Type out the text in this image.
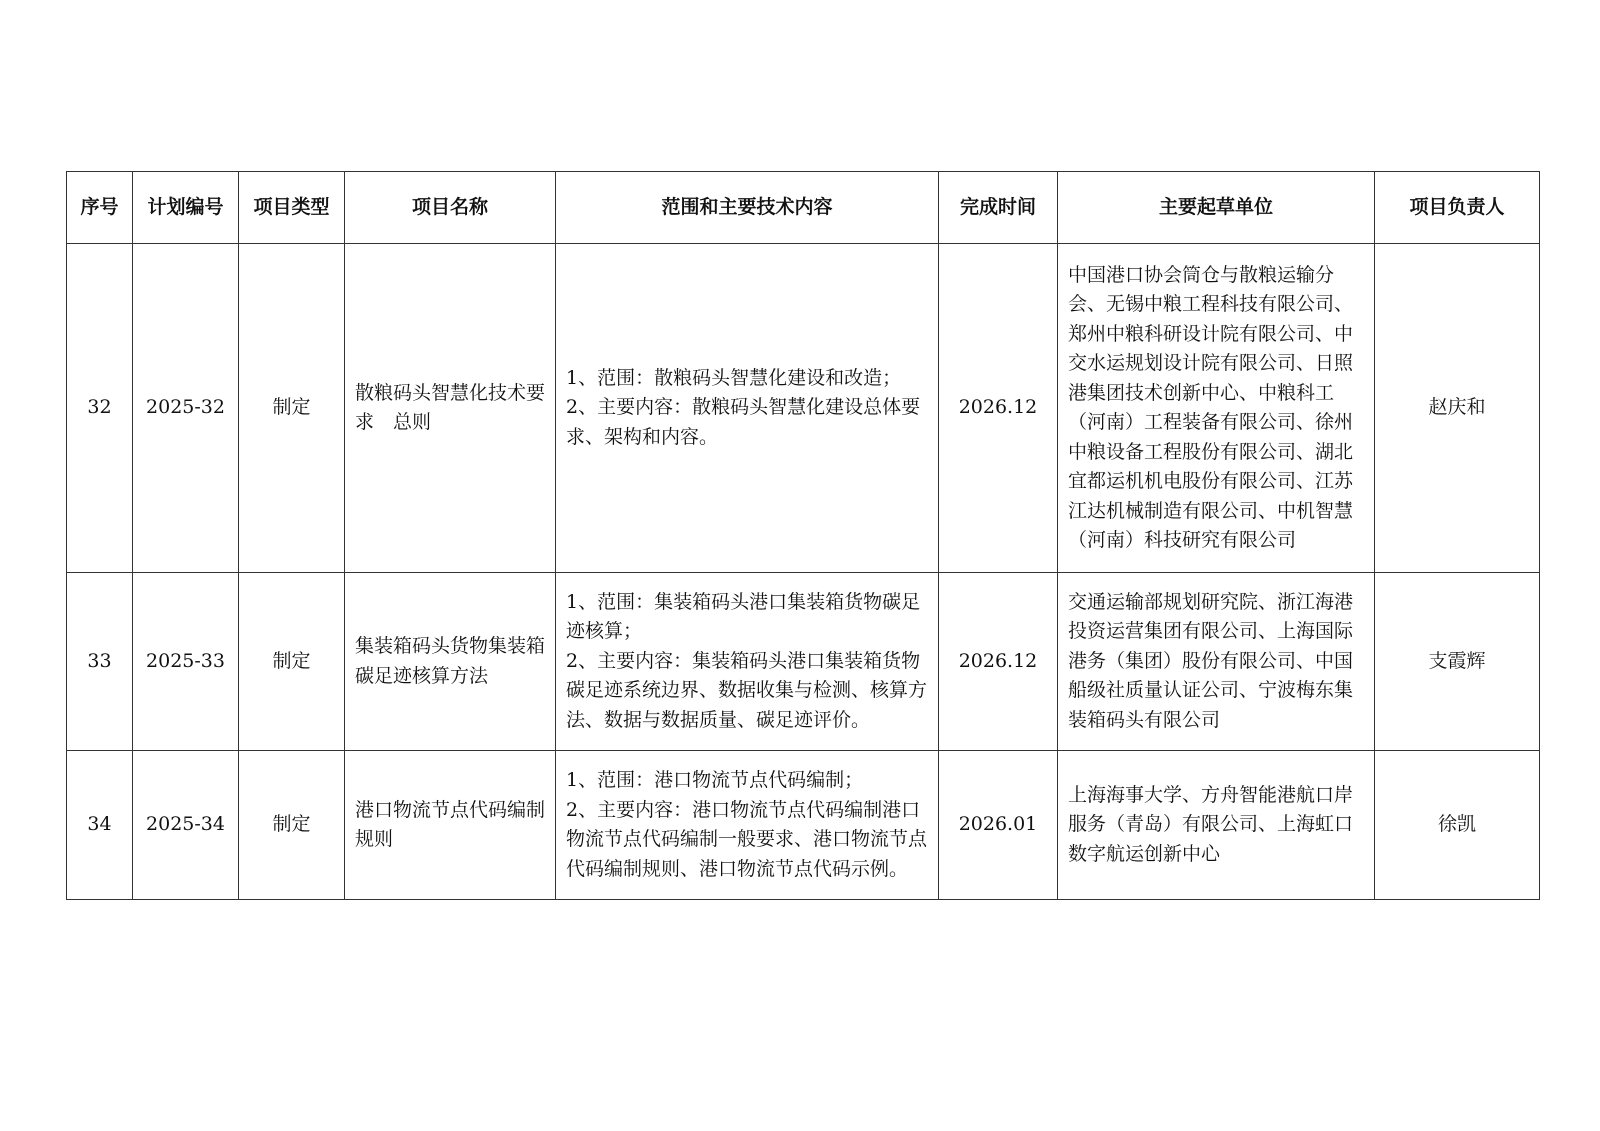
序号	计划编号	项目类型	项目名称	范围和主要技术内容	完成时间	主要起草单位	项目负责人
32	2025-32	制定	散粮码头智慧化技术要求　总则	1、范围：散粮码头智慧化建设和改造；
2、主要内容：散粮码头智慧化建设总体要求、架构和内容。	2026.12	中国港口协会筒仓与散粮运输分会、无锡中粮工程科技有限公司、郑州中粮科研设计院有限公司、中交水运规划设计院有限公司、日照港集团技术创新中心、中粮科工（河南）工程装备有限公司、徐州中粮设备工程股份有限公司、湖北宜都运机机电股份有限公司、江苏江达机械制造有限公司、中机智慧（河南）科技研究有限公司	赵庆和
33	2025-33	制定	集装箱码头货物集装箱碳足迹核算方法	1、范围：集装箱码头港口集装箱货物碳足迹核算；
2、主要内容：集装箱码头港口集装箱货物碳足迹系统边界、数据收集与检测、核算方法、数据与数据质量、碳足迹评价。	2026.12	交通运输部规划研究院、浙江海港投资运营集团有限公司、上海国际港务（集团）股份有限公司、中国船级社质量认证公司、宁波梅东集装箱码头有限公司	支霞辉
34	2025-34	制定	港口物流节点代码编制规则	1、范围：港口物流节点代码编制；
2、主要内容：港口物流节点代码编制港口物流节点代码编制一般要求、港口物流节点代码编制规则、港口物流节点代码示例。	2026.01	上海海事大学、方舟智能港航口岸服务（青岛）有限公司、上海虹口数字航运创新中心	徐凯
